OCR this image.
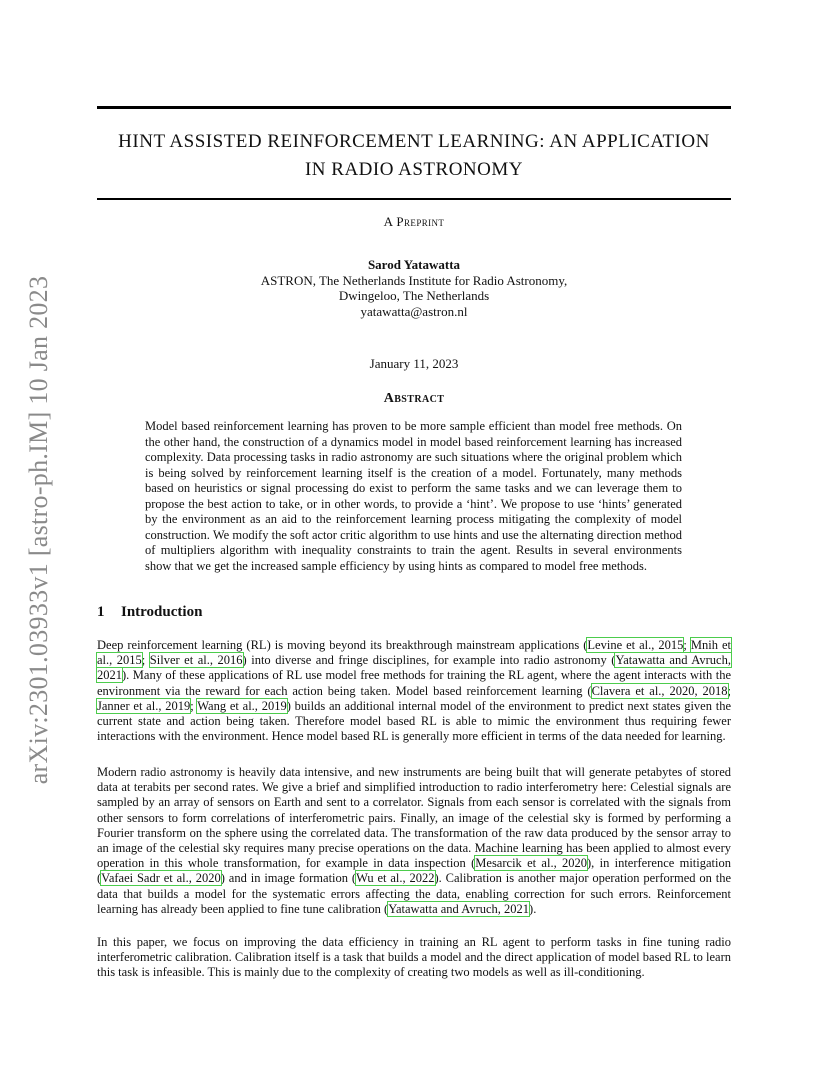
arXiv:2301.03933v1 [astro-ph.IM] 10 Jan 2023
HINT ASSISTED REINFORCEMENT LEARNING: AN APPLICATION
IN RADIO ASTRONOMY
A Preprint
Sarod Yatawatta
ASTRON, The Netherlands Institute for Radio Astronomy,
Dwingeloo, The Netherlands
yatawatta@astron.nl
January 11, 2023
Abstract

Model based reinforcement learning has proven to be more sample efficient than model free methods. On the other hand, the construction of a dynamics model in model based reinforcement learning has increased complexity. Data processing tasks in radio astronomy are such situations where the original problem which is being solved by reinforcement learning itself is the creation of a model. Fortunately, many methods based on heuristics or signal processing do exist to perform the same tasks and we can leverage them to propose the best action to take, or in other words, to provide a ‘hint’. We propose to use ‘hints’ generated by the environment as an aid to the reinforcement learning process mitigating the complexity of model construction. We modify the soft actor critic algorithm to use hints and use the alternating direction method of multipliers algorithm with inequality constraints to train the agent. Results in several environments show that we get the increased sample efficiency by using hints as compared to model free methods.

1 Introduction

Deep reinforcement learning (RL) is moving beyond its breakthrough mainstream applications (Levine et al., 2015; Mnih et al., 2015; Silver et al., 2016) into diverse and fringe disciplines, for example into radio astronomy (Yatawatta and Avruch, 2021). Many of these applications of RL use model free methods for training the RL agent, where the agent interacts with the environment via the reward for each action being taken. Model based reinforcement learning (Clavera et al., 2020, 2018; Janner et al., 2019; Wang et al., 2019) builds an additional internal model of the environment to predict next states given the current state and action being taken. Therefore model based RL is able to mimic the environment thus requiring fewer interactions with the environment. Hence model based RL is generally more efficient in terms of the data needed for learning.

Modern radio astronomy is heavily data intensive, and new instruments are being built that will generate petabytes of stored data at terabits per second rates. We give a brief and simplified introduction to radio interferometry here: Celestial signals are sampled by an array of sensors on Earth and sent to a correlator. Signals from each sensor is correlated with the signals from other sensors to form correlations of interferometric pairs. Finally, an image of the celestial sky is formed by performing a Fourier transform on the sphere using the correlated data. The transformation of the raw data produced by the sensor array to an image of the celestial sky requires many precise operations on the data. Machine learning has been applied to almost every operation in this whole transformation, for example in data inspection (Mesarcik et al., 2020), in interference mitigation (Vafaei Sadr et al., 2020) and in image formation (Wu et al., 2022). Calibration is another major operation performed on the data that builds a model for the systematic errors affecting the data, enabling correction for such errors. Reinforcement learning has already been applied to fine tune calibration (Yatawatta and Avruch, 2021).

In this paper, we focus on improving the data efficiency in training an RL agent to perform tasks in fine tuning radio interferometric calibration. Calibration itself is a task that builds a model and the direct application of model based RL to learn this task is infeasible. This is mainly due to the complexity of creating two models as well as ill-conditioning.
